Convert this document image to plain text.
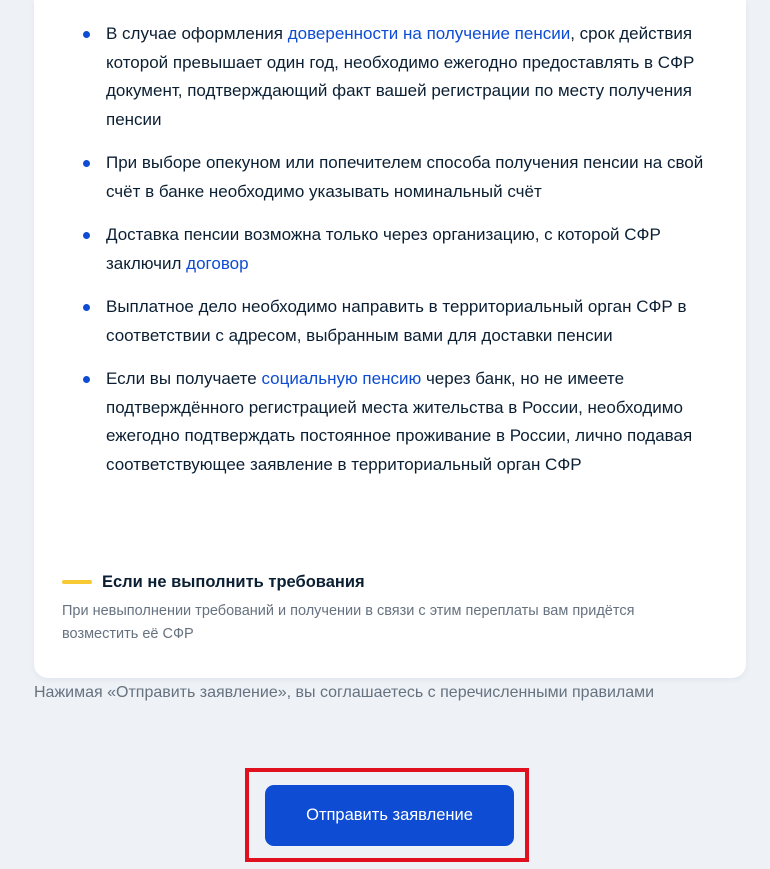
В случае оформления доверенности на получение пенсии, срок действия которой превышает один год, необходимо ежегодно предоставлять в СФР документ, подтверждающий факт вашей регистрации по месту получения пенсии
При выборе опекуном или попечителем способа получения пенсии на свой счёт в банке необходимо указывать номинальный счёт
Доставка пенсии возможна только через организацию, с которой СФР заключил договор
Выплатное дело необходимо направить в территориальный орган СФР в соответствии с адресом, выбранным вами для доставки пенсии
Если вы получаете социальную пенсию через банк, но не имеете подтверждённого регистрацией места жительства в России, необходимо ежегодно подтверждать постоянное проживание в России, лично подавая соответствующее заявление в территориальный орган СФР
Если не выполнить требования
При невыполнении требований и получении в связи с этим переплаты вам придётся возместить её СФР
Нажимая «Отправить заявление», вы соглашаетесь с перечисленными правилами
Отправить заявление
